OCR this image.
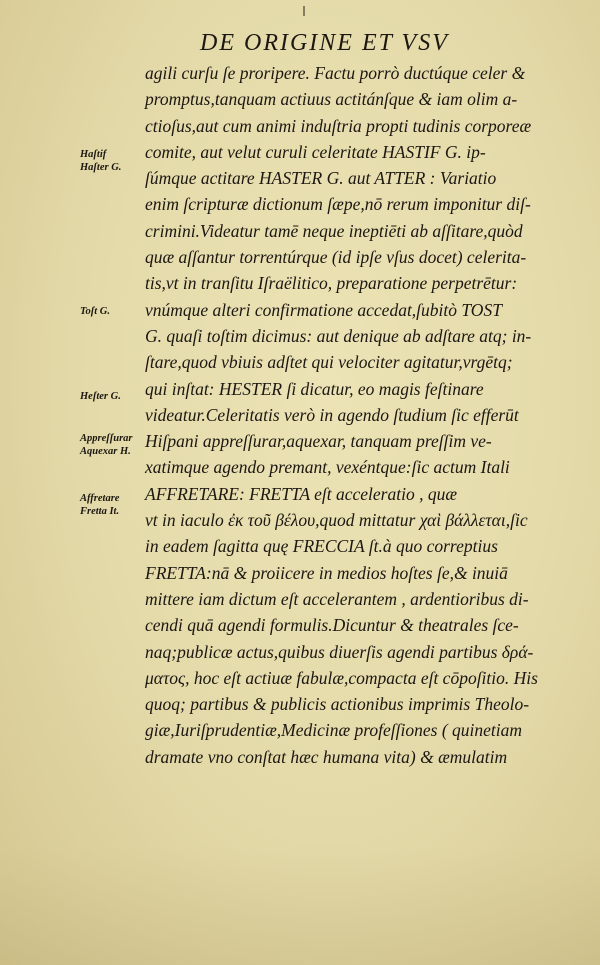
DE ORIGINE ET VSV
agili curſu ſe proripere. Factu porrò ductúque celer &
promptus,tanquam actiuus actitánſque & iam olim a-
ctioſus,aut cum animi induſtria propti tudinis corporeæ
comite, aut velut curuli celeritate HASTIF G. ip-
ſúmque actitare HASTER G. aut ATTER : Variatio
enim ſcripturæ dictionum ſæpe,nō rerum imponitur diſ-
crimini.Videatur tamē neque ineptiēti ab aſſitare,quòd
quæ aſſantur torrentúrque (id ipſe vſus docet) celerita-
tis,vt in tranſitu Iſraëlitico, preparatione perpetrētur:
vnúmque alteri confirmatione accedat,ſubitò TOST
G. quaſi toſtim dicimus: aut denique ab adſtare atq; in-
ſtare,quod vbiuis adſtet qui velociter agitatur,vrgētq;
qui inſtat: HESTER ſi dicatur, eo magis feſtinare
videatur.Celeritatis verò in agendo ſtudium ſic efferūt
Hiſpani appreſſurar,aquexar, tanquam preſſim ve-
xatimque agendo premant, vexéntque:ſic actum Itali
AFFRETARE: FRETTA eſt acceleratio , quæ
vt in iaculo ἐκ τοῦ βέλου,quod mittatur χαὶ βάλλεται,ſic
in eadem ſagitta quę FRECCIA ſt.à quo correptius
FRETTA:nā & proiicere in medios hoſtes ſe,& inuiā
mittere iam dictum eſt accelerantem , ardentioribus di-
cendi quā agendi formulis.Dicuntur & theatrales ſce-
naq;publicæ actus,quibus diuerſis agendi partibus δρά-
ματος, hoc eſt actiuæ fabulæ,compacta eſt cōpoſitio. His
quoq; partibus & publicis actionibus imprimis Theolo-
giæ,Iuriſprudentiæ,Medicinæ profeſſiones ( quinetiam
dramate vno conſtat hæc humana vita) & æmulatim
Haſtif
Haſter G.
Toſt G.
Heſter G.
Appreſſurar
Aquexar H.
Affretare
Fretta It.
